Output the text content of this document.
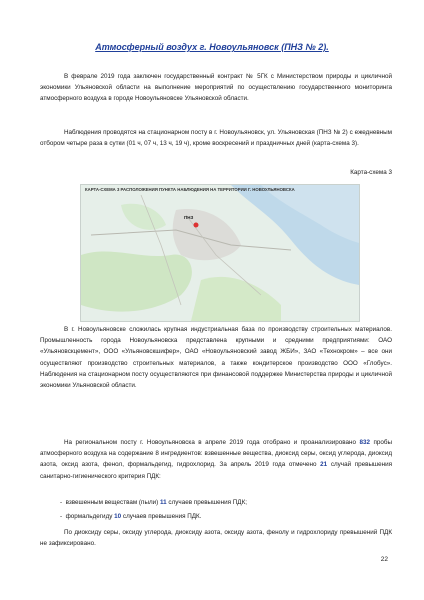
Атмосферный воздух г. Новоульяновск (ПНЗ № 2).

В феврале 2019 года заключен государственный контракт № 5ГК с Министерством природы и цикличной экономики Ульяновской области на выполнение мероприятий по осуществлению государственного мониторинга атмосферного воздуха в городе Новоульяновске Ульяновской области.

Наблюдения проводятся на стационарном посту в г. Новоульяновск, ул. Ульяновская (ПНЗ № 2) с ежедневным отбором четыре раза в сутки (01 ч, 07 ч, 13 ч, 19 ч), кроме воскресений и праздничных дней (карта-схема 3).

Карта-схема 3
КАРТА-СХЕМА 3 РАСПОЛОЖЕНИЯ ПУНКТА НАБЛЮДЕНИЯ НА ТЕРРИТОРИИ Г. НОВОУЛЬЯНОВСКА
ПНЗ

В г. Новоульяновске сложилась крупная индустриальная база по производству строительных материалов. Промышленность города Новоульяновска представлена крупными и средними предприятиями: ОАО «Ульяновскцемент», ООО «Ульяновскшифер», ОАО «Новоульяновский завод ЖБИ», ЗАО «Технокром» – все они осуществляют производство строительных материалов, а также кондитерское производство ООО «Глобус». Наблюдения на стационарном посту осуществляются при финансовой поддержке Министерства природы и цикличной экономики Ульяновской области.

На региональном посту г. Новоульяновска в апреле 2019 года отобрано и проанализировано 832 пробы атмосферного воздуха на содержание 8 ингредиентов: взвешенные вещества, диоксид серы, оксид углерода, диоксид азота, оксид азота, фенол, формальдегид, гидрохлорид. За апрель 2019 года отмечено 21 случай превышения санитарно-гигиенического критерия ПДК:

- взвешенным веществам (пыли) 11 случаев превышения ПДК;
- формальдегиду 10 случаев превышения ПДК.

По диоксиду серы, оксиду углерода, диоксиду азота, оксиду азота, фенолу и гидрохлориду превышений ПДК не зафиксировано.

22
